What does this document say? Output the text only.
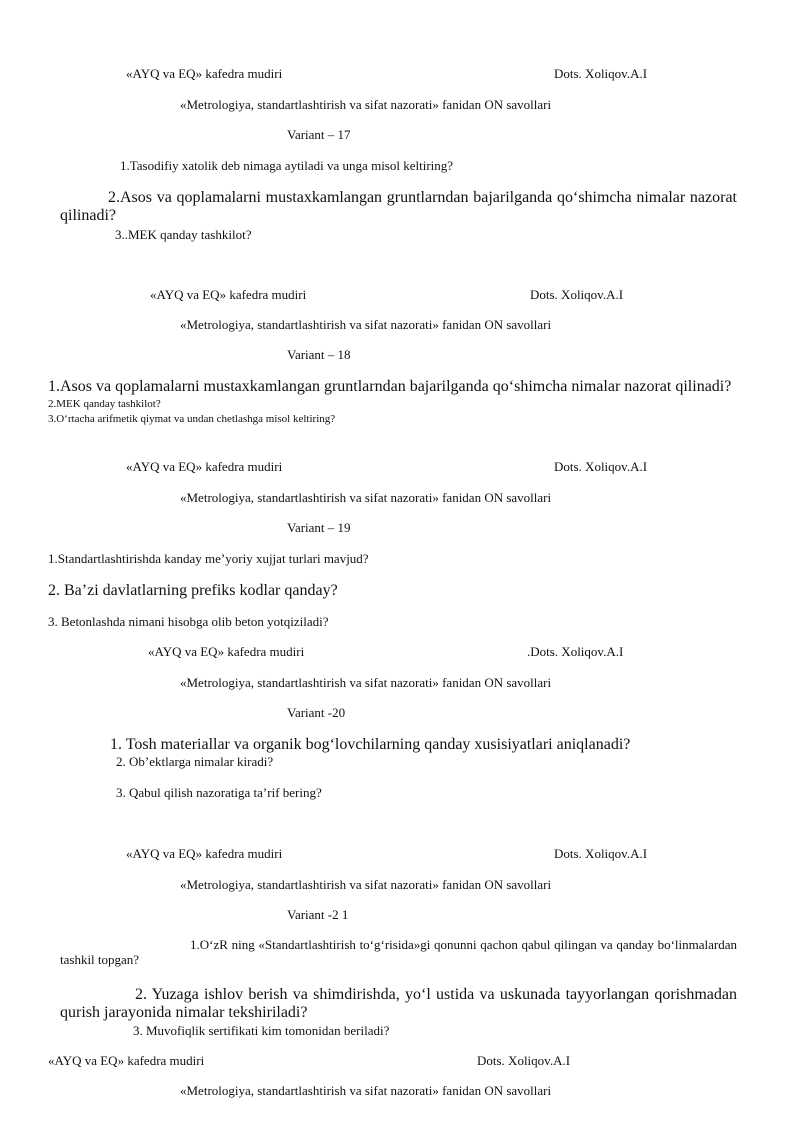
«AYQ va EQ» kafedra mudiri	Dots. Xoliqov.A.I
«Metrologiya, standartlashtirish va sifat nazorati» fanidan ON savollari
Variant – 17
1.Tasodifiy xatolik deb nimaga aytiladi va unga misol keltiring?
2.Asos va qoplamalarni mustaxkamlangan gruntlarndan bajarilganda qo‘shimcha nimalar nazorat qilinadi?
3..MEK qanday tashkilot?
«AYQ va EQ» kafedra mudiri	Dots. Xoliqov.A.I
«Metrologiya, standartlashtirish va sifat nazorati» fanidan ON savollari
Variant – 18
1.Asos va qoplamalarni mustaxkamlangan gruntlarndan bajarilganda qo‘shimcha nimalar nazorat qilinadi?
2.MEK qanday tashkilot?
3.O‘rtacha arifmetik qiymat va undan chetlashga misol keltiring?
«AYQ va EQ» kafedra mudiri	Dots. Xoliqov.A.I
«Metrologiya, standartlashtirish va sifat nazorati» fanidan ON savollari
Variant – 19
1.Standartlashtirishda kanday me’yoriy xujjat turlari mavjud?
2. Ba’zi davlatlarning prefiks kodlar qanday?
3. Betonlashda nimani hisobga olib beton yotqiziladi?
«AYQ va EQ» kafedra mudiri	.Dots. Xoliqov.A.I
«Metrologiya, standartlashtirish va sifat nazorati» fanidan ON savollari
Variant -20
1. Tosh materiallar va organik bog‘lovchilarning qanday xusisiyatlari aniqlanadi?
2. Ob’ektlarga nimalar kiradi?
3. Qabul qilish nazoratiga ta’rif bering?
«AYQ va EQ» kafedra mudiri	Dots. Xoliqov.A.I
«Metrologiya, standartlashtirish va sifat nazorati» fanidan ON savollari
Variant -2 1
1.O‘zR ning «Standartlashtirish to‘g‘risida»gi qonunni qachon qabul qilingan va qanday bo‘linmalardan tashkil topgan?
2. Yuzaga ishlov berish va shimdirishda, yo‘l ustida va uskunada tayyorlangan qorishmadan qurish jarayonida nimalar tekshiriladi?
3. Muvofiqlik sertifikati kim tomonidan beriladi?
«AYQ va EQ» kafedra mudiri	Dots. Xoliqov.A.I
«Metrologiya, standartlashtirish va sifat nazorati» fanidan ON savollari
